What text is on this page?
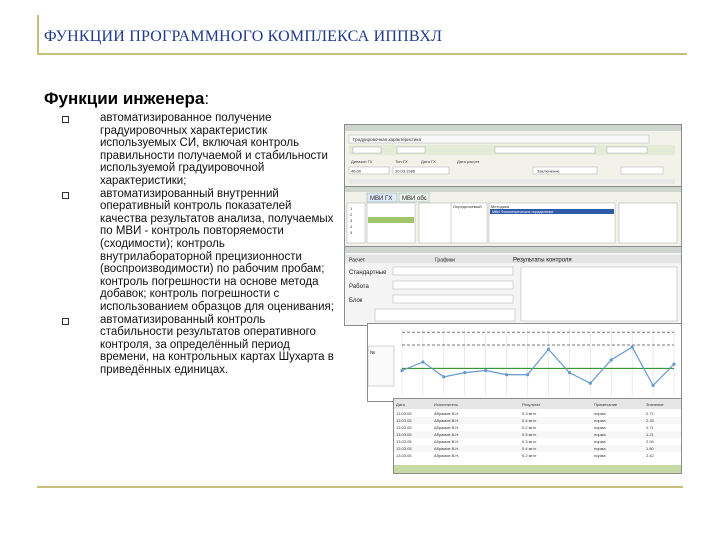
ФУНКЦИИ ПРОГРАММНОГО КОМПЛЕКСА ИППВХЛ
Функции инженера:
автоматизированное получение градуировочных характеристик используемых СИ, включая контроль правильности получаемой и стабильности используемой градуировочной характеристики;
автоматизированный внутренний оперативный контроль показателей качества результатов анализа, получаемых по МВИ - контроль повторяемости (сходимости); контроль внутрилабораторной прецизионности (воспроизводимости) по рабочим пробам; контроль погрешности на основе метода добавок; контроль погрешности с использованием образцов для оценивания;
автоматизированный контроль стабильности результатов оперативного контроля, за определённый период времени, на контрольных картах Шухарта в приведённых единицах.
Градуировочная характеристика
Дипазон ГХ	Тип ГХ	Дата ГХ	Дата расчет
46,00	10.03.1996	Заключение
МВИ ГХ МВИ обс
1
2
3
4
5
Определяемый Методика
МВИ Фотометрическое определение
Расчет	Графики	Результаты контроля
Стандартные
Работа
Блок
№
Дата	Исполнитель	Результат	Примечание	Значение
13.03.05	Абрамов В.Н.	0.3 мг/л	норма	2.71
13.03.05	Абрамов В.Н.	0.4 мг/л	норма	2.33
13.03.05	Абрамов В.Н.	0.2 мг/л	норма	1.71
13.03.05	Абрамов В.Н.	0.5 мг/л	норма	1.21
13.03.05	Абрамов В.Н.	0.3 мг/л	норма	2.94
13.03.05	Абрамов В.Н.	0.4 мг/л	норма	1.80
13.03.05	Абрамов В.Н.	0.2 мг/л	норма	2.42
